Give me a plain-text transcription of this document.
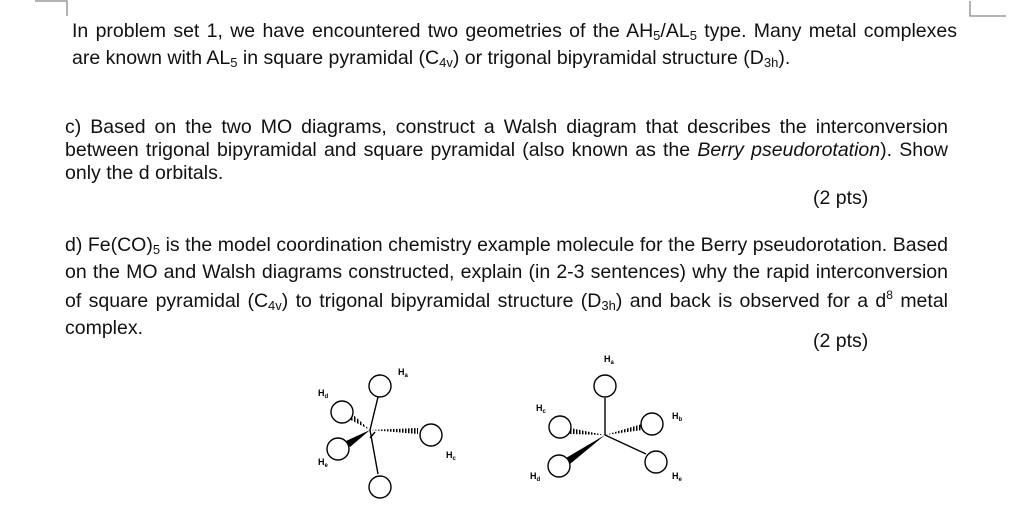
In problem set 1, we have encountered two geometries of the $AH_5/AL_5$ type. Many metal complexes are known with $AL_5$ in square pyramidal $(C_{4v})$ or trigonal bipyramidal structure $(D_{3h})$.

c) Based on the two MO diagrams, construct a Walsh diagram that describes the interconversion between trigonal bipyramidal and square pyramidal (also known as the Berry pseudorotation). Show only the d orbitals.

(2 pts)

d) $Fe(CO)_5$ is the model coordination chemistry example molecule for the Berry pseudorotation. Based on the MO and Walsh diagrams constructed, explain (in 2-3 sentences) why the rapid interconversion of square pyramidal $(C_{4v})$ to trigonal bipyramidal structure $(D_{3h})$ and back is observed for a $d^8$ metal complex.

(2 pts)
$H_a$
$H_d$
$H_e$
$H_c$
$H_a$
$H_c$	$H_b$
$H_d$	$H_e$
